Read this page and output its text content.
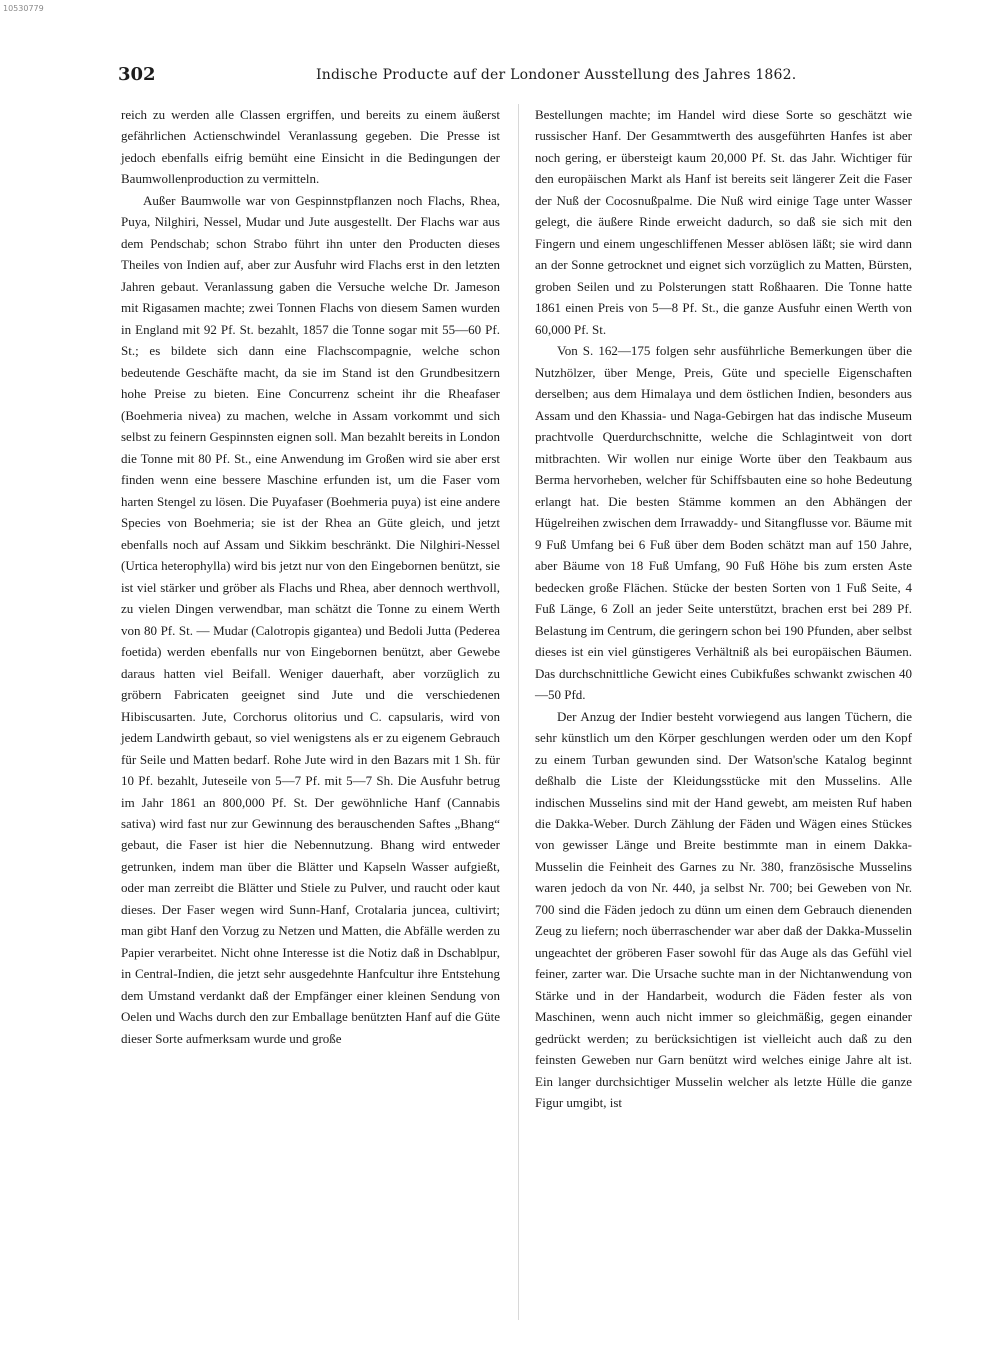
10530779
302	Indische Producte auf der Londoner Ausstellung des Jahres 1862.

reich zu werden alle Classen ergriffen, und bereits zu einem äußerst gefährlichen Actienschwindel Veranlassung gegeben. Die Presse ist jedoch ebenfalls eifrig bemüht eine Einsicht in die Bedingungen der Baumwollenproduction zu vermitteln.

Außer Baumwolle war von Gespinnstpflanzen noch Flachs, Rhea, Puya, Nilghiri, Nessel, Mudar und Jute ausgestellt. Der Flachs war aus dem Pendschab; schon Strabo führt ihn unter den Producten dieses Theiles von Indien auf, aber zur Ausfuhr wird Flachs erst in den letzten Jahren gebaut. Veranlassung gaben die Versuche welche Dr. Jameson mit Rigasamen machte; zwei Tonnen Flachs von diesem Samen wurden in England mit 92 Pf. St. bezahlt, 1857 die Tonne sogar mit 55—60 Pf. St.; es bildete sich dann eine Flachscompagnie, welche schon bedeutende Geschäfte macht, da sie im Stand ist den Grundbesitzern hohe Preise zu bieten. Eine Concurrenz scheint ihr die Rheafaser (Boehmeria nivea) zu machen, welche in Assam vorkommt und sich selbst zu feinern Gespinnsten eignen soll. Man bezahlt bereits in London die Tonne mit 80 Pf. St., eine Anwendung im Großen wird sie aber erst finden wenn eine bessere Maschine erfunden ist, um die Faser vom harten Stengel zu lösen. Die Puyafaser (Boehmeria puya) ist eine andere Species von Boehmeria; sie ist der Rhea an Güte gleich, und jetzt ebenfalls noch auf Assam und Sikkim beschränkt. Die Nilghiri-Nessel (Urtica heterophylla) wird bis jetzt nur von den Eingebornen benützt, sie ist viel stärker und gröber als Flachs und Rhea, aber dennoch werthvoll, zu vielen Dingen verwendbar, man schätzt die Tonne zu einem Werth von 80 Pf. St. — Mudar (Calotropis gigantea) und Bedoli Jutta (Pederea foetida) werden ebenfalls nur von Eingebornen benützt, aber Gewebe daraus hatten viel Beifall. Weniger dauerhaft, aber vorzüglich zu gröbern Fabricaten geeignet sind Jute und die verschiedenen Hibiscusarten. Jute, Corchorus olitorius und C. capsularis, wird von jedem Landwirth gebaut, so viel wenigstens als er zu eigenem Gebrauch für Seile und Matten bedarf. Rohe Jute wird in den Bazars mit 1 Sh. für 10 Pf. bezahlt, Juteseile von 5—7 Pf. mit 5—7 Sh. Die Ausfuhr betrug im Jahr 1861 an 800,000 Pf. St. Der gewöhnliche Hanf (Cannabis sativa) wird fast nur zur Gewinnung des berauschenden Saftes „Bhang“ gebaut, die Faser ist hier die Nebennutzung. Bhang wird entweder getrunken, indem man über die Blätter und Kapseln Wasser aufgießt, oder man zerreibt die Blätter und Stiele zu Pulver, und raucht oder kaut dieses. Der Faser wegen wird Sunn-Hanf, Crotalaria juncea, cultivirt; man gibt Hanf den Vorzug zu Netzen und Matten, die Abfälle werden zu Papier verarbeitet. Nicht ohne Interesse ist die Notiz daß in Dschablpur, in Central-Indien, die jetzt sehr ausgedehnte Hanfcultur ihre Entstehung dem Umstand verdankt daß der Empfänger einer kleinen Sendung von Oelen und Wachs durch den zur Emballage benützten Hanf auf die Güte dieser Sorte aufmerksam wurde und große

Bestellungen machte; im Handel wird diese Sorte so geschätzt wie russischer Hanf. Der Gesammtwerth des ausgeführten Hanfes ist aber noch gering, er übersteigt kaum 20,000 Pf. St. das Jahr. Wichtiger für den europäischen Markt als Hanf ist bereits seit längerer Zeit die Faser der Nuß der Cocosnußpalme. Die Nuß wird einige Tage unter Wasser gelegt, die äußere Rinde erweicht dadurch, so daß sie sich mit den Fingern und einem ungeschliffenen Messer ablösen läßt; sie wird dann an der Sonne getrocknet und eignet sich vorzüglich zu Matten, Bürsten, groben Seilen und zu Polsterungen statt Roßhaaren. Die Tonne hatte 1861 einen Preis von 5—8 Pf. St., die ganze Ausfuhr einen Werth von 60,000 Pf. St.

Von S. 162—175 folgen sehr ausführliche Bemerkungen über die Nutzhölzer, über Menge, Preis, Güte und specielle Eigenschaften derselben; aus dem Himalaya und dem östlichen Indien, besonders aus Assam und den Khassia- und Naga-Gebirgen hat das indische Museum prachtvolle Querdurchschnitte, welche die Schlagintweit von dort mitbrachten. Wir wollen nur einige Worte über den Teakbaum aus Berma hervorheben, welcher für Schiffsbauten eine so hohe Bedeutung erlangt hat. Die besten Stämme kommen an den Abhängen der Hügelreihen zwischen dem Irrawaddy- und Sitangflusse vor. Bäume mit 9 Fuß Umfang bei 6 Fuß über dem Boden schätzt man auf 150 Jahre, aber Bäume von 18 Fuß Umfang, 90 Fuß Höhe bis zum ersten Aste bedecken große Flächen. Stücke der besten Sorten von 1 Fuß Seite, 4 Fuß Länge, 6 Zoll an jeder Seite unterstützt, brachen erst bei 289 Pf. Belastung im Centrum, die geringern schon bei 190 Pfunden, aber selbst dieses ist ein viel günstigeres Verhältniß als bei europäischen Bäumen. Das durchschnittliche Gewicht eines Cubikfußes schwankt zwischen 40—50 Pfd.

Der Anzug der Indier besteht vorwiegend aus langen Tüchern, die sehr künstlich um den Körper geschlungen werden oder um den Kopf zu einem Turban gewunden sind. Der Watson'sche Katalog beginnt deßhalb die Liste der Kleidungsstücke mit den Musselins. Alle indischen Musselins sind mit der Hand gewebt, am meisten Ruf haben die Dakka-Weber. Durch Zählung der Fäden und Wägen eines Stückes von gewisser Länge und Breite bestimmte man in einem Dakka-Musselin die Feinheit des Garnes zu Nr. 380, französische Musselins waren jedoch da von Nr. 440, ja selbst Nr. 700; bei Geweben von Nr. 700 sind die Fäden jedoch zu dünn um einen dem Gebrauch dienenden Zeug zu liefern; noch überraschender war aber daß der Dakka-Musselin ungeachtet der gröberen Faser sowohl für das Auge als das Gefühl viel feiner, zarter war. Die Ursache suchte man in der Nichtanwendung von Stärke und in der Handarbeit, wodurch die Fäden fester als von Maschinen, wenn auch nicht immer so gleichmäßig, gegen einander gedrückt werden; zu berücksichtigen ist vielleicht auch daß zu den feinsten Geweben nur Garn benützt wird welches einige Jahre alt ist. Ein langer durchsichtiger Musselin welcher als letzte Hülle die ganze Figur umgibt, ist
